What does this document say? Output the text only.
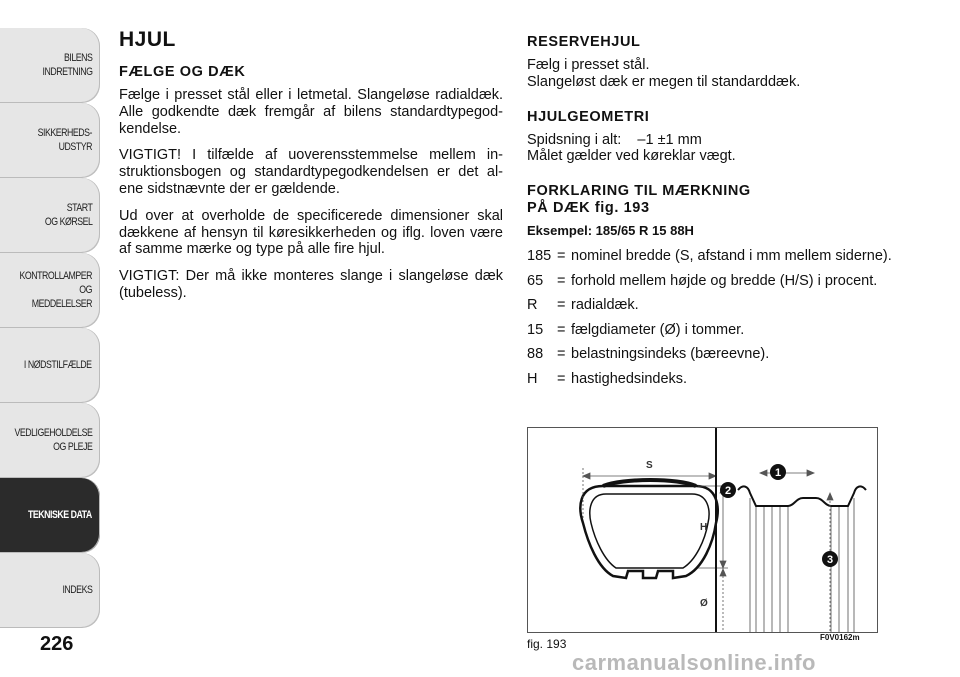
BILENS
INDRETNING
SIKKERHEDS-
UDSTYR
START
OG KØRSEL
KONTROLLAMPER
OG MEDDELELSER
I NØDSTILFÆLDE
VEDLIGEHOLDELSE
OG PLEJE
TEKNISKE DATA
INDEKS
226
HJUL
FÆLGE OG DÆK

Fælge i presset stål eller i letmetal. Slangeløse radialdæk. Alle godkendte dæk fremgår af bilens standardtypegod-kendelse.

VIGTIGT! I tilfælde af uoverensstemmelse mellem in-struktionsbogen og standardtypegodkendelsen er det al-ene sidstnævnte der er gældende.

Ud over at overholde de specificerede dimensioner skal dækkene af hensyn til køresikkerheden og iflg. loven være af samme mærke og type på alle fire hjul.

VIGTIGT: Der må ikke monteres slange i slangeløse dæk (tubeless).

RESERVEHJUL
Fælg i presset stål.
Slangeløst dæk er megen til standarddæk.
HJULGEOMETRI
Spidsning i alt:    –1 ±1 mm
Målet gælder ved køreklar vægt.
FORKLARING TIL MÆRKNING
PÅ DÆK fig. 193
Eksempel: 185/65 R 15 88H
185 = nominel bredde (S, afstand i mm mellem siderne).
65 = forhold mellem højde og bredde (H/S) i procent.
R	= radialdæk.
15 = fælgdiameter (Ø) i tommer.
88 = belastningsindeks (bæreevne).
H	= hastighedsindeks.
S
H
Ø
1
2
3
fig. 193	F0V0162m
carmanualsonline.info
